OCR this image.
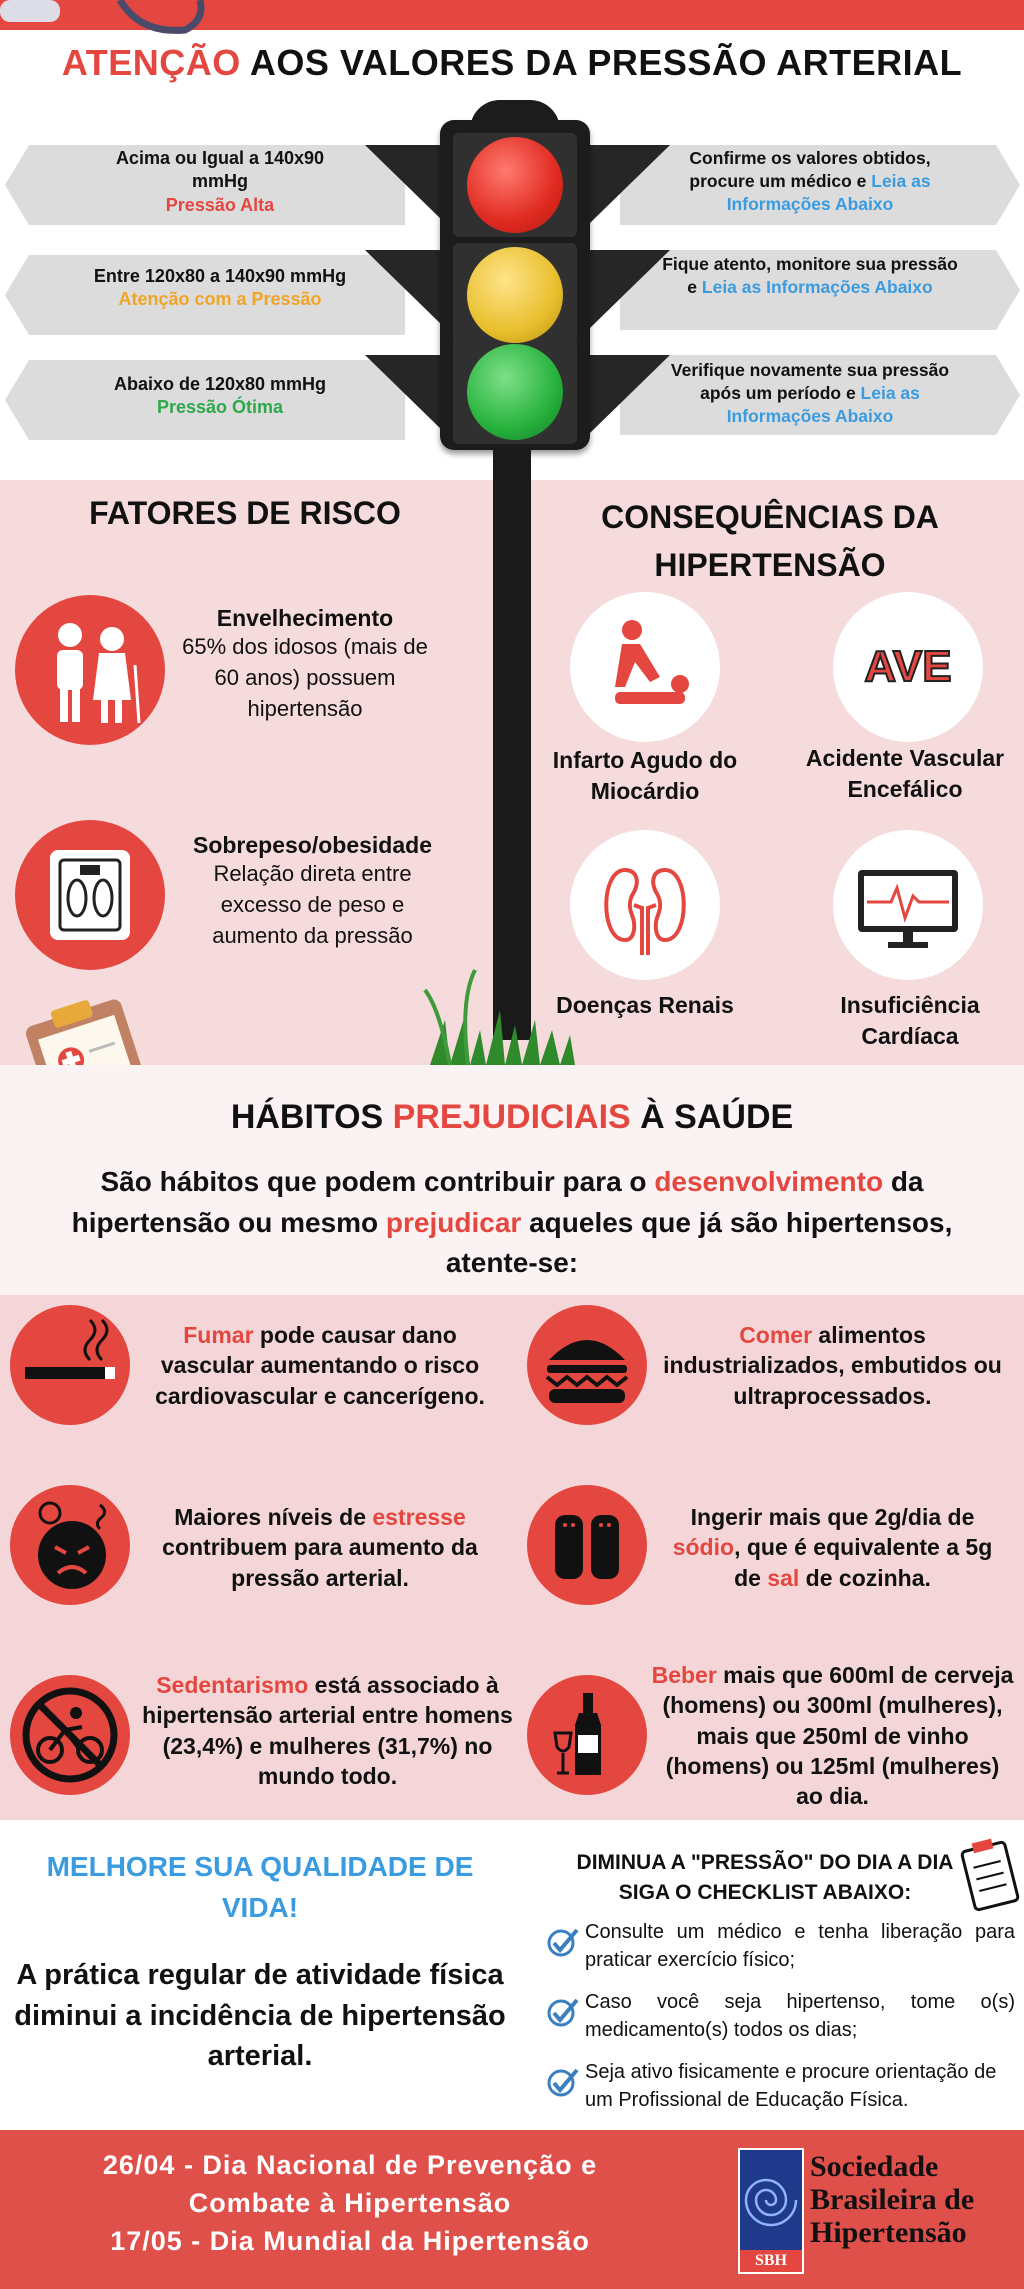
ATENÇÃO AOS VALORES DA PRESSÃO ARTERIAL
Acima ou Igual a 140x90 mmHg
Pressão Alta
Entre 120x80 a 140x90 mmHg
Atenção com a Pressão
Abaixo de 120x80 mmHg
Pressão Ótima
Confirme os valores obtidos, procure um médico e Leia as Informações Abaixo
Fique atento, monitore sua pressão e Leia as Informações Abaixo
Verifique novamente sua pressão após um período e Leia as Informações Abaixo
FATORES DE RISCO	CONSEQUÊNCIAS DA
HIPERTENSÃO
Envelhecimento
65% dos idosos (mais de 60 anos) possuem hipertensão
Sobrepeso/obesidade
Relação direta entre excesso de peso e aumento da pressão
AVE
Infarto Agudo do Miocárdio
Acidente Vascular Encefálico
Doenças Renais	Insuficiência Cardíaca
HÁBITOS PREJUDICIAIS À SAÚDE
São hábitos que podem contribuir para o desenvolvimento da hipertensão ou mesmo prejudicar aqueles que já são hipertensos, atente-se:
Fumar pode causar dano vascular aumentando o risco cardiovascular e cancerígeno.
Comer alimentos industrializados, embutidos ou ultraprocessados.
Maiores níveis de estresse contribuem para aumento da pressão arterial.
Ingerir mais que 2g/dia de sódio, que é equivalente a 5g de sal de cozinha.
Sedentarismo está associado à hipertensão arterial entre homens (23,4%) e mulheres (31,7%) no mundo todo.
Beber mais que 600ml de cerveja (homens) ou 300ml (mulheres), mais que 250ml de vinho (homens) ou 125ml (mulheres) ao dia.
MELHORE SUA QUALIDADE DE VIDA!
A prática regular de atividade física diminui a incidência de hipertensão arterial.
DIMINUA A "PRESSÃO" DO DIA A DIA
SIGA O CHECKLIST ABAIXO:
Consulte um médico e tenha liberação para praticar exercício físico;
Caso você seja hipertenso, tome o(s) medicamento(s) todos os dias;
Seja ativo fisicamente e procure orientação de um Profissional de Educação Física.
26/04 - Dia Nacional de Prevenção e
Combate à Hipertensão
17/05 - Dia Mundial da Hipertensão
SBH
Sociedade
Brasileira de
Hipertensão
